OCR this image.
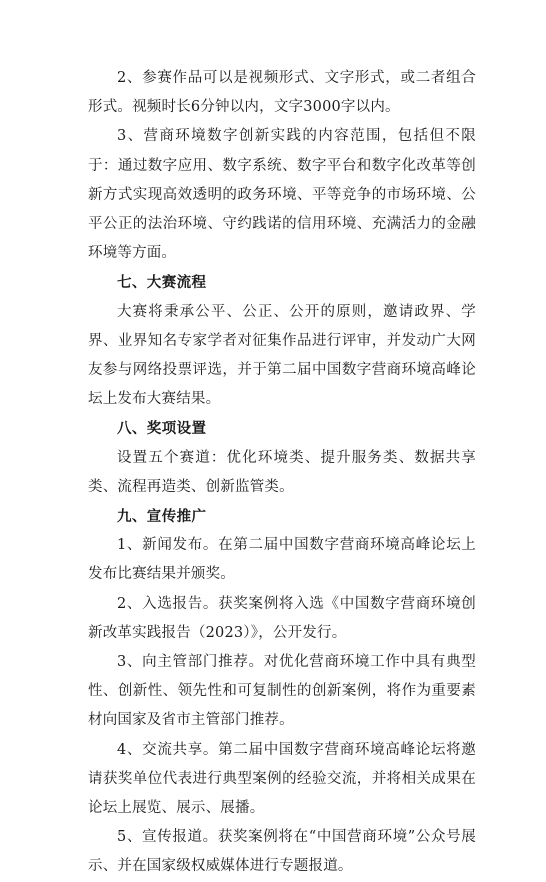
2、参赛作品可以是视频形式、文字形式，或二者组合形式。视频时长6分钟以内，文字3000字以内。

3、营商环境数字创新实践的内容范围，包括但不限于：通过数字应用、数字系统、数字平台和数字化改革等创新方式实现高效透明的政务环境、平等竞争的市场环境、公平公正的法治环境、守约践诺的信用环境、充满活力的金融环境等方面。

七、大赛流程

大赛将秉承公平、公正、公开的原则，邀请政界、学界、业界知名专家学者对征集作品进行评审，并发动广大网友参与网络投票评选，并于第二届中国数字营商环境高峰论坛上发布大赛结果。

八、奖项设置

设置五个赛道：优化环境类、提升服务类、数据共享类、流程再造类、创新监管类。

九、宣传推广

1、新闻发布。在第二届中国数字营商环境高峰论坛上发布比赛结果并颁奖。

2、入选报告。获奖案例将入选《中国数字营商环境创新改革实践报告（2023）》，公开发行。

3、向主管部门推荐。对优化营商环境工作中具有典型性、创新性、领先性和可复制性的创新案例，将作为重要素材向国家及省市主管部门推荐。

4、交流共享。第二届中国数字营商环境高峰论坛将邀请获奖单位代表进行典型案例的经验交流，并将相关成果在论坛上展览、展示、展播。

5、宣传报道。获奖案例将在“中国营商环境”公众号展示、并在国家级权威媒体进行专题报道。
